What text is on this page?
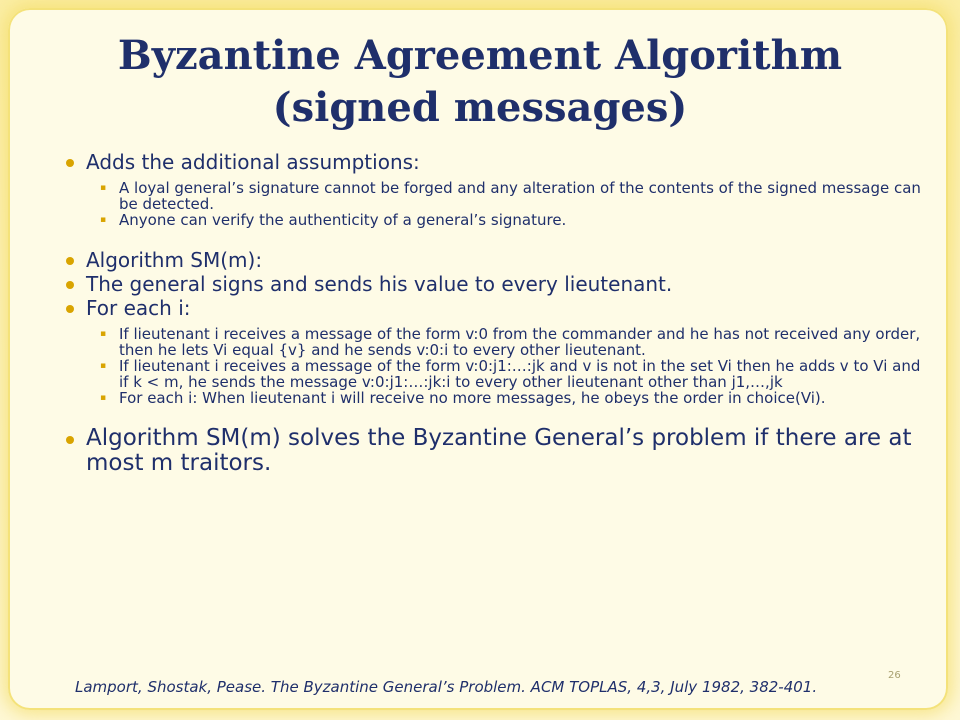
Byzantine Agreement Algorithm
(signed messages)

Adds the additional assumptions:

▪ A loyal general’s signature cannot be forged and any alteration of the contents of the signed message can be detected.

▪ Anyone can verify the authenticity of a general’s signature.

Algorithm SM(m):

The general signs and sends his value to every lieutenant.

For each i:

▪ If lieutenant i receives a message of the form v:0 from the commander and he has not received any order, then he lets Vi equal {v} and he sends v:0:i to every other lieutenant.

▪ If lieutenant i receives a message of the form v:0:j1:…:jk and v is not in the set Vi then he adds v to Vi and if k < m, he sends the message v:0:j1:…:jk:i to every other lieutenant other than j1,…,jk

▪ For each i: When lieutenant i will receive no more messages, he obeys the order in choice(Vi).

Algorithm SM(m) solves the Byzantine General’s problem if there are at most m traitors.

Lamport, Shostak, Pease. The Byzantine General’s Problem. ACM TOPLAS, 4,3, July 1982, 382-401.
26
